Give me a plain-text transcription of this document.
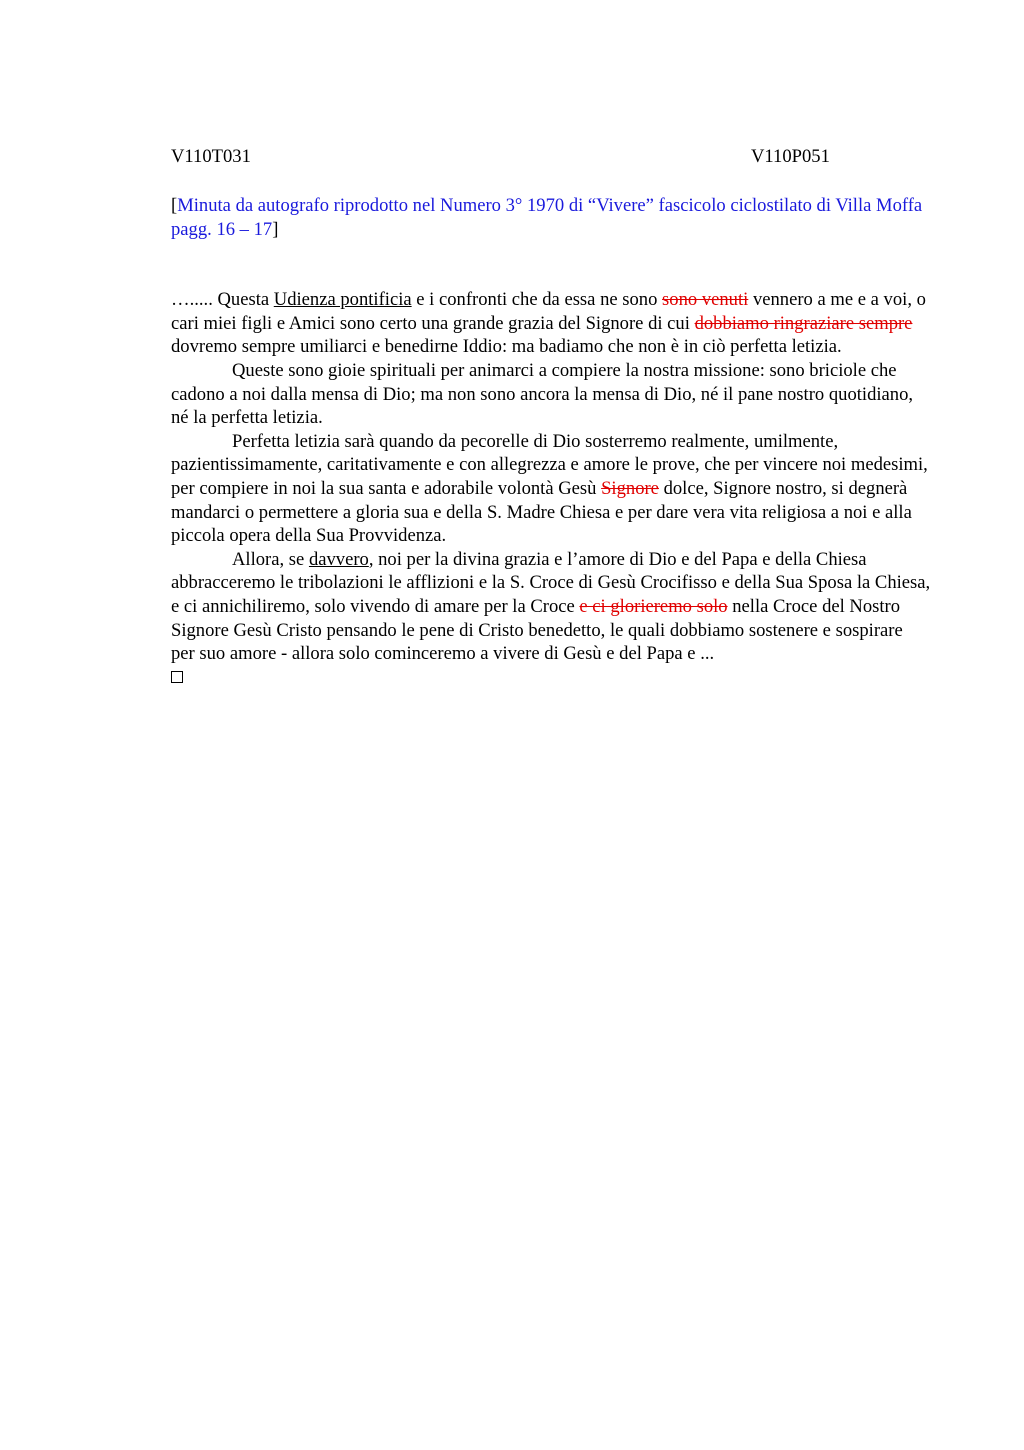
V110T031	V110P051
[Minuta da autografo riprodotto nel Numero 3° 1970 di “Vivere” fascicolo ciclostilato di Villa Moffa pagg. 16 – 17]

…..... Questa Udienza pontificia e i confronti che da essa ne sono sono venuti vennero a me e a voi, o cari miei figli e Amici sono certo una grande grazia del Signore di cui dobbiamo ringraziare sempre dovremo sempre umiliarci e benedirne Iddio: ma badiamo che non è in ciò perfetta letizia.

Queste sono gioie spirituali per animarci a compiere la nostra missione: sono briciole che cadono a noi dalla mensa di Dio; ma non sono ancora la mensa di Dio, né il pane nostro quotidiano, né la perfetta letizia.

Perfetta letizia sarà quando da pecorelle di Dio sosterremo realmente, umilmente, pazientissimamente, caritativamente e con allegrezza e amore le prove, che per vincere noi medesimi, per compiere in noi la sua santa e adorabile volontà Gesù Signore dolce, Signore nostro, si degnerà mandarci o permettere a gloria sua e della S. Madre Chiesa e per dare vera vita religiosa a noi e alla piccola opera della Sua Provvidenza.

Allora, se davvero, noi per la divina grazia e l’amore di Dio e del Papa e della Chiesa abbracceremo le tribolazioni le afflizioni e la S. Croce di Gesù Crocifisso e della Sua Sposa la Chiesa, e ci annichiliremo, solo vivendo di amare per la Croce e ci glorieremo solo nella Croce del Nostro Signore Gesù Cristo pensando le pene di Cristo benedetto, le quali dobbiamo sostenere e sospirare per suo amore - allora solo cominceremo a vivere di Gesù e del Papa e ...
